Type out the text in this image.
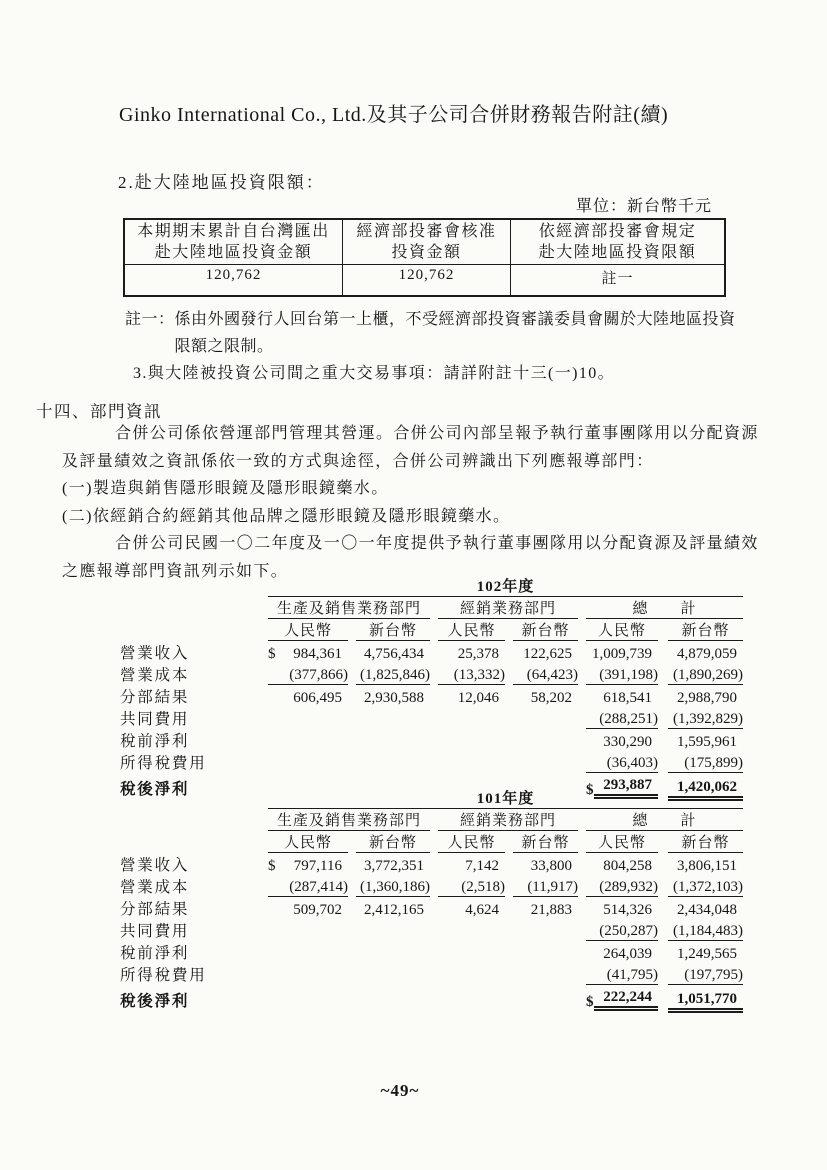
Ginko International Co., Ltd.及其子公司合併財務報告附註(續)
2.赴大陸地區投資限額：
單位：新台幣千元
本期期末累計自台灣匯出
赴大陸地區投資金額

經濟部投審會核准
投資金額

依經濟部投審會規定
赴大陸地區投資限額

120,762	120,762	註一
註一： 係由外國發行人回台第一上櫃，不受經濟部投資審議委員會關於大陸地區投資
限額之限制。
3.與大陸被投資公司間之重大交易事項：請詳附註十三(一)10。
十四、部門資訊
合併公司係依營運部門管理其營運。合併公司內部呈報予執行董事團隊用以分配資源
及評量績效之資訊係依一致的方式與途徑，合併公司辨識出下列應報導部門：
(一)製造與銷售隱形眼鏡及隱形眼鏡藥水。
(二)依經銷合約經銷其他品牌之隱形眼鏡及隱形眼鏡藥水。
合併公司民國一〇二年度及一〇一年度提供予執行董事團隊用以分配資源及評量績效
之應報導部門資訊列示如下。
	102年度										
	生產及銷售業務部門				經銷業務部門				總　　計		
	人民幣		新台幣		人民幣		新台幣		人民幣		新台幣
營業收入	$ 984,361		4,756,434		25,378		122,625		1,009,739		4,879,059
營業成本	(377,866)		(1,825,846)		(13,332)		(64,423)		(391,198)		(1,890,269)
分部結果	606,495		2,930,588		12,046		58,202		618,541		2,988,790
共同費用									(288,251)		(1,392,829)
稅前淨利									330,290		1,595,961
所得稅費用									(36,403)		(175,899)
稅後淨利									$ 293,887		1,420,062
	101年度										
	生產及銷售業務部門				經銷業務部門				總　　計		
	人民幣		新台幣		人民幣		新台幣		人民幣		新台幣
營業收入	$ 797,116		3,772,351		7,142		33,800		804,258		3,806,151
營業成本	(287,414)		(1,360,186)		(2,518)		(11,917)		(289,932)		(1,372,103)
分部結果	509,702		2,412,165		4,624		21,883		514,326		2,434,048
共同費用									(250,287)		(1,184,483)
稅前淨利									264,039		1,249,565
所得稅費用									(41,795)		(197,795)
稅後淨利									$ 222,244		1,051,770
~49~
